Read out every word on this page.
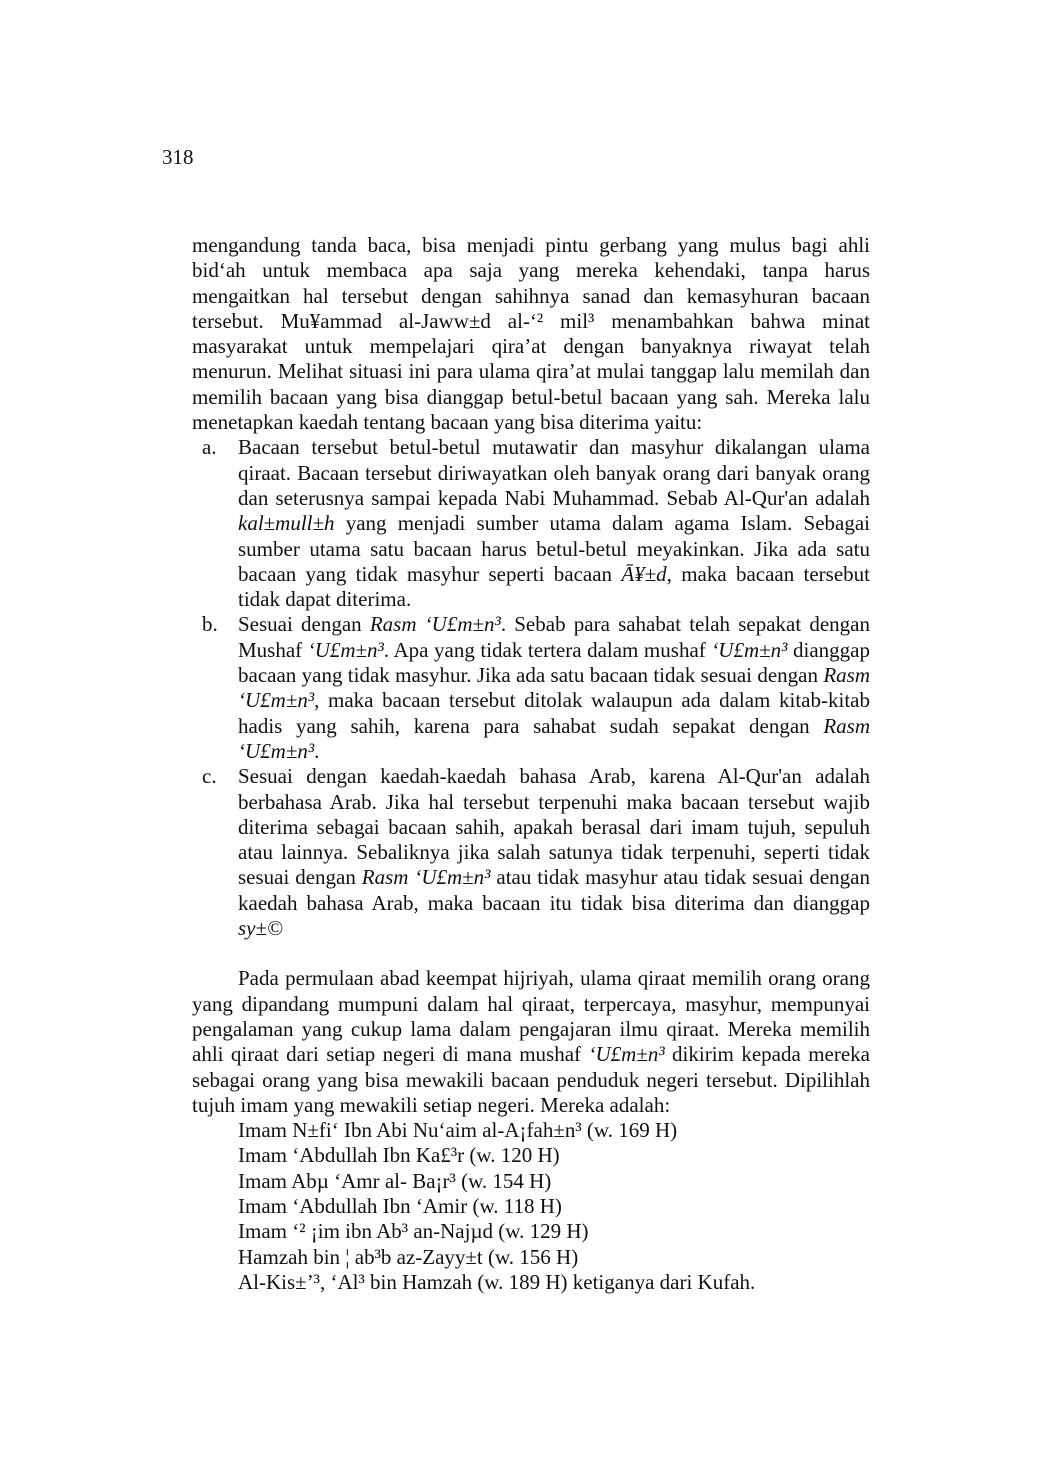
318

mengandung tanda baca, bisa menjadi pintu gerbang yang mulus bagi ahli bid‘ah untuk membaca apa saja yang mereka kehendaki, tanpa harus mengaitkan hal tersebut dengan sahihnya sanad dan kemasyhuran bacaan tersebut. Mu¥ammad al-Jaww±d al-‘² mil³ menambahkan bahwa minat masyarakat untuk mempelajari qira’at dengan banyaknya riwayat telah menurun. Melihat situasi ini para ulama qira’at mulai tanggap lalu memilah dan memilih bacaan yang bisa dianggap betul-betul bacaan yang sah. Mereka lalu menetapkan kaedah tentang bacaan yang bisa diterima yaitu:

a. Bacaan tersebut betul-betul mutawatir dan masyhur dikalangan ulama qiraat. Bacaan tersebut diriwayatkan oleh banyak orang dari banyak orang dan seterusnya sampai kepada Nabi Muhammad. Sebab Al-Qur'an adalah kal±mull±h yang menjadi sumber utama dalam agama Islam. Sebagai sumber utama satu bacaan harus betul-betul meyakinkan. Jika ada satu bacaan yang tidak masyhur seperti bacaan Ā¥±d, maka bacaan tersebut tidak dapat diterima.
b. Sesuai dengan Rasm ‘U£m±n³. Sebab para sahabat telah sepakat dengan Mushaf ‘U£m±n³. Apa yang tidak tertera dalam mushaf ‘U£m±n³ dianggap bacaan yang tidak masyhur. Jika ada satu bacaan tidak sesuai dengan Rasm ‘U£m±n³, maka bacaan tersebut ditolak walaupun ada dalam kitab-kitab hadis yang sahih, karena para sahabat sudah sepakat dengan Rasm ‘U£m±n³.
c. Sesuai dengan kaedah-kaedah bahasa Arab, karena Al-Qur'an adalah berbahasa Arab. Jika hal tersebut terpenuhi maka bacaan tersebut wajib diterima sebagai bacaan sahih, apakah berasal dari imam tujuh, sepuluh atau lainnya. Sebaliknya jika salah satunya tidak terpenuhi, seperti tidak sesuai dengan Rasm ‘U£m±n³ atau tidak masyhur atau tidak sesuai dengan kaedah bahasa Arab, maka bacaan itu tidak bisa diterima dan dianggap sy±©

Pada permulaan abad keempat hijriyah, ulama qiraat memilih orang orang yang dipandang mumpuni dalam hal qiraat, terpercaya, masyhur, mempunyai pengalaman yang cukup lama dalam pengajaran ilmu qiraat. Mereka memilih ahli qiraat dari setiap negeri di mana mushaf ‘U£m±n³ dikirim kepada mereka sebagai orang yang bisa mewakili bacaan penduduk negeri tersebut. Dipilihlah tujuh imam yang mewakili setiap negeri. Mereka adalah:

Imam N±fi‘ Ibn Abi Nu‘aim al-A¡fah±n³ (w. 169 H)
Imam ‘Abdullah Ibn Ka£³r (w. 120 H)
Imam Abµ ‘Amr al- Ba¡r³ (w. 154 H)
Imam ‘Abdullah Ibn ‘Amir (w. 118 H)
Imam ‘² ¡im ibn Ab³ an-Najµd (w. 129 H)
Hamzah bin ¦ ab³b az-Zayy±t (w. 156 H)
Al-Kis±’³, ‘Al³ bin Hamzah (w. 189 H) ketiganya dari Kufah.
